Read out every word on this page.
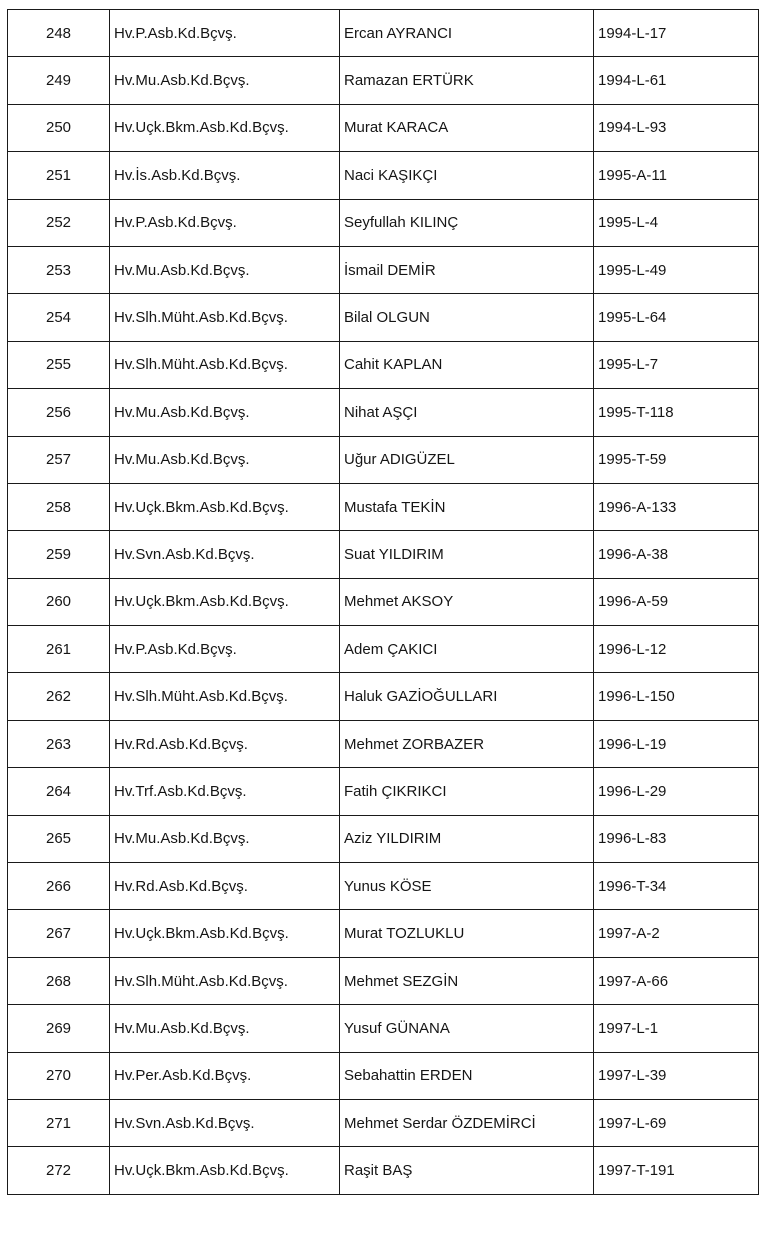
248	Hv.P.Asb.Kd.Bçvş.	Ercan AYRANCI	1994-L-17
249	Hv.Mu.Asb.Kd.Bçvş.	Ramazan ERTÜRK	1994-L-61
250	Hv.Uçk.Bkm.Asb.Kd.Bçvş.	Murat KARACA	1994-L-93
251	Hv.İs.Asb.Kd.Bçvş.	Naci KAŞIKÇI	1995-A-11
252	Hv.P.Asb.Kd.Bçvş.	Seyfullah KILINÇ	1995-L-4
253	Hv.Mu.Asb.Kd.Bçvş.	İsmail DEMİR	1995-L-49
254	Hv.Slh.Müht.Asb.Kd.Bçvş.	Bilal OLGUN	1995-L-64
255	Hv.Slh.Müht.Asb.Kd.Bçvş.	Cahit KAPLAN	1995-L-7
256	Hv.Mu.Asb.Kd.Bçvş.	Nihat AŞÇI	1995-T-118
257	Hv.Mu.Asb.Kd.Bçvş.	Uğur ADIGÜZEL	1995-T-59
258	Hv.Uçk.Bkm.Asb.Kd.Bçvş.	Mustafa TEKİN	1996-A-133
259	Hv.Svn.Asb.Kd.Bçvş.	Suat YILDIRIM	1996-A-38
260	Hv.Uçk.Bkm.Asb.Kd.Bçvş.	Mehmet AKSOY	1996-A-59
261	Hv.P.Asb.Kd.Bçvş.	Adem ÇAKICI	1996-L-12
262	Hv.Slh.Müht.Asb.Kd.Bçvş.	Haluk GAZİOĞULLARI	1996-L-150
263	Hv.Rd.Asb.Kd.Bçvş.	Mehmet ZORBAZER	1996-L-19
264	Hv.Trf.Asb.Kd.Bçvş.	Fatih ÇIKRIKCI	1996-L-29
265	Hv.Mu.Asb.Kd.Bçvş.	Aziz YILDIRIM	1996-L-83
266	Hv.Rd.Asb.Kd.Bçvş.	Yunus KÖSE	1996-T-34
267	Hv.Uçk.Bkm.Asb.Kd.Bçvş.	Murat TOZLUKLU	1997-A-2
268	Hv.Slh.Müht.Asb.Kd.Bçvş.	Mehmet SEZGİN	1997-A-66
269	Hv.Mu.Asb.Kd.Bçvş.	Yusuf GÜNANA	1997-L-1
270	Hv.Per.Asb.Kd.Bçvş.	Sebahattin ERDEN	1997-L-39
271	Hv.Svn.Asb.Kd.Bçvş.	Mehmet Serdar ÖZDEMİRCİ	1997-L-69
272	Hv.Uçk.Bkm.Asb.Kd.Bçvş.	Raşit BAŞ	1997-T-191
